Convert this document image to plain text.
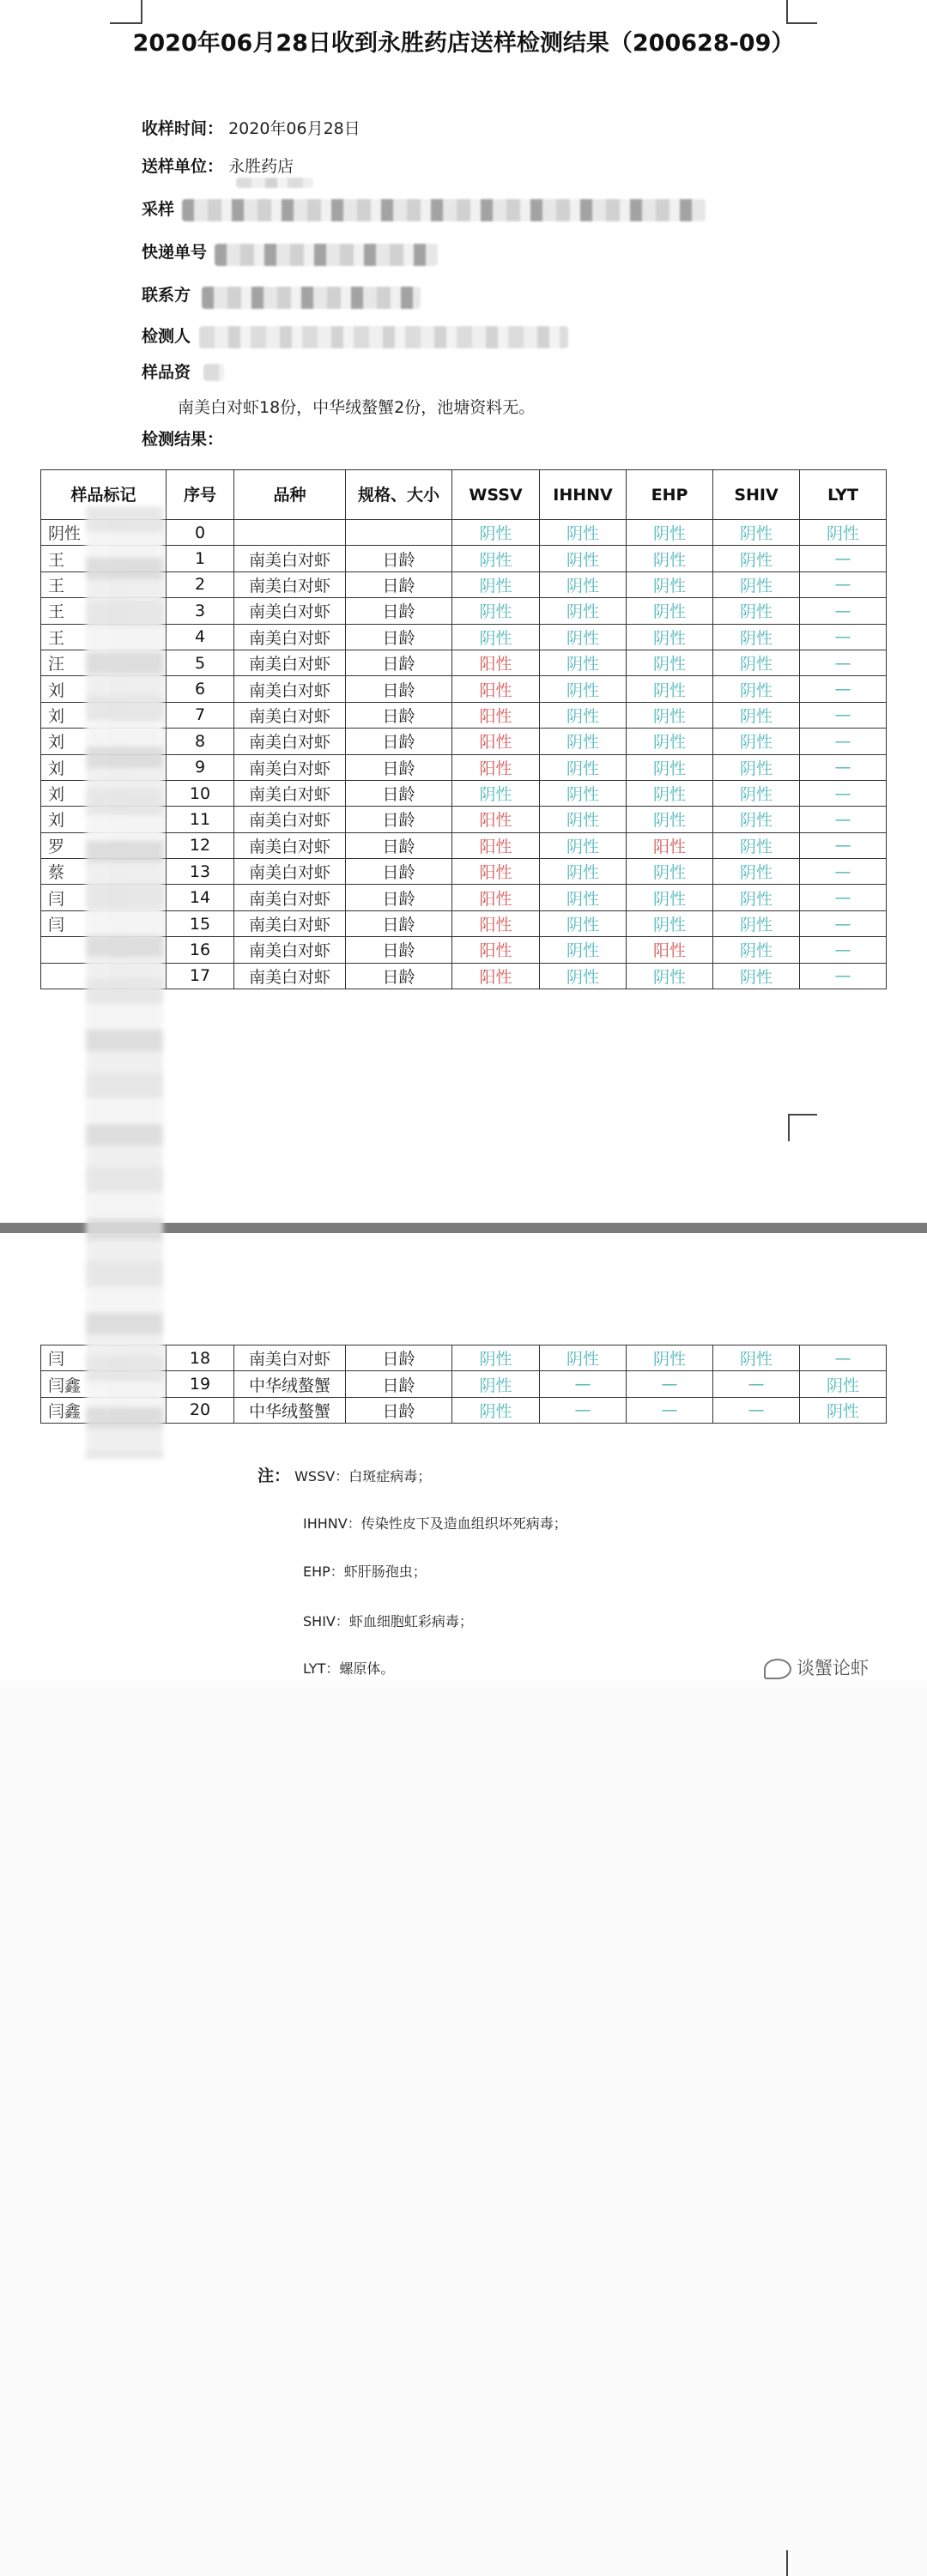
2020年06月28日收到永胜药店送样检测结果（200628-09）
收样时间： 2020年06月28日
送样单位： 永胜药店
采样
快递单号
联系方
检测人
样品资
南美白对虾18份，中华绒螯蟹2份，池塘资料无。
检测结果：
样品标记	序号	品种	规格、大小	WSSV	IHHNV	EHP	SHIV	LYT
阴性	0			阴性	阴性	阴性	阴性	阴性
王	1	南美白对虾	日龄	阴性	阴性	阴性	阴性	—
王	2	南美白对虾	日龄	阴性	阴性	阴性	阴性	—
王	3	南美白对虾	日龄	阴性	阴性	阴性	阴性	—
王	4	南美白对虾	日龄	阴性	阴性	阴性	阴性	—
汪	5	南美白对虾	日龄	阳性	阴性	阴性	阴性	—
刘	6	南美白对虾	日龄	阳性	阴性	阴性	阴性	—
刘	7	南美白对虾	日龄	阳性	阴性	阴性	阴性	—
刘	8	南美白对虾	日龄	阳性	阴性	阴性	阴性	—
刘	9	南美白对虾	日龄	阳性	阴性	阴性	阴性	—
刘	10	南美白对虾	日龄	阴性	阴性	阴性	阴性	—
刘	11	南美白对虾	日龄	阳性	阴性	阴性	阴性	—
罗	12	南美白对虾	日龄	阳性	阴性	阳性	阴性	—
蔡	13	南美白对虾	日龄	阳性	阴性	阴性	阴性	—
闫	14	南美白对虾	日龄	阳性	阴性	阴性	阴性	—
闫	15	南美白对虾	日龄	阳性	阴性	阴性	阴性	—
	16	南美白对虾	日龄	阳性	阴性	阳性	阴性	—
	17	南美白对虾	日龄	阳性	阴性	阴性	阴性	—
闫	18	南美白对虾	日龄	阴性	阴性	阴性	阴性	—
闫鑫	19	中华绒螯蟹	日龄	阴性	—	—	—	阴性
闫鑫	20	中华绒螯蟹	日龄	阴性	—	—	—	阴性
注： WSSV：白斑症病毒；
IHHNV：传染性皮下及造血组织坏死病毒；
EHP：虾肝肠孢虫；
SHIV：虾血细胞虹彩病毒；
LYT：螺原体。	谈蟹论虾
